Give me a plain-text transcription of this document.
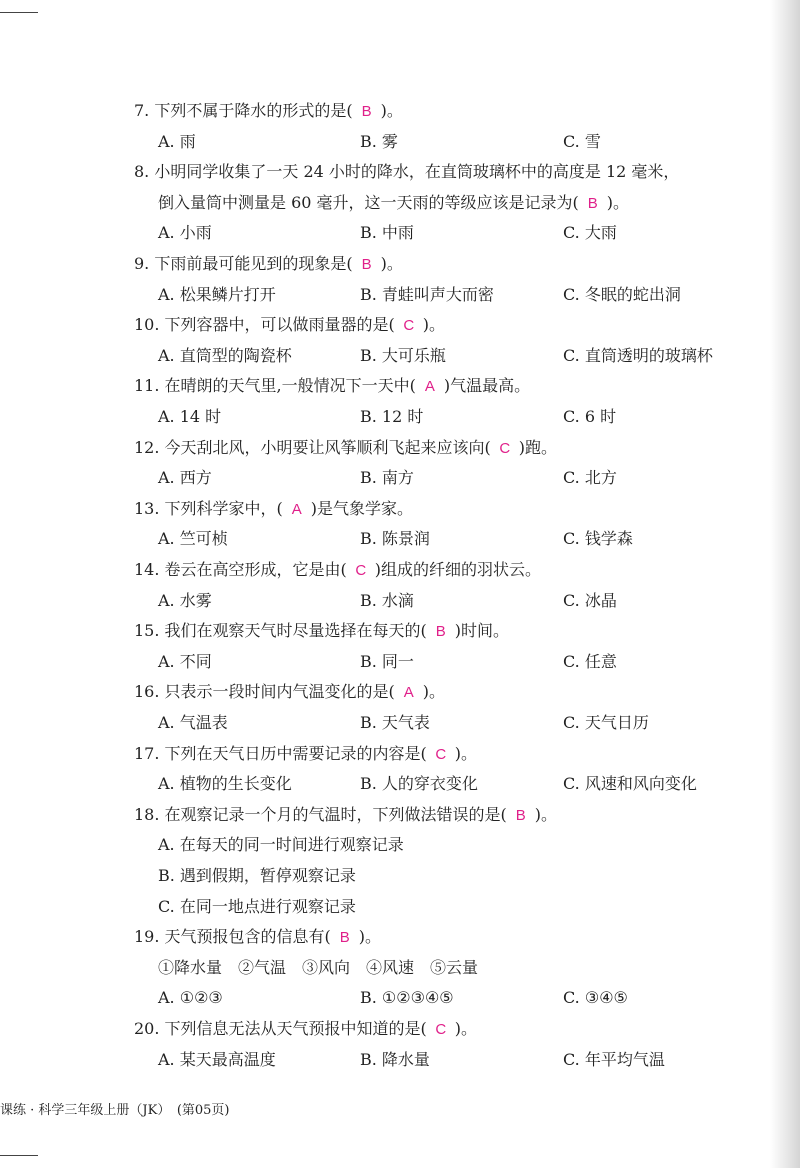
7. 下列不属于降水的形式的是( B )。
A. 雨	B. 雾	C. 雪
8. 小明同学收集了一天 24 小时的降水，在直筒玻璃杯中的高度是 12 毫米，
倒入量筒中测量是 60 毫升，这一天雨的等级应该是记录为( B )。
A. 小雨	B. 中雨	C. 大雨
9. 下雨前最可能见到的现象是( B )。
A. 松果鳞片打开	B. 青蛙叫声大而密	C. 冬眠的蛇出洞
10. 下列容器中，可以做雨量器的是( C )。
A. 直筒型的陶瓷杯	B. 大可乐瓶	C. 直筒透明的玻璃杯
11. 在晴朗的天气里,一般情况下一天中( A )气温最高。
A. 14 时	B. 12 时	C. 6 时
12. 今天刮北风，小明要让风筝顺利飞起来应该向( C )跑。
A. 西方	B. 南方	C. 北方
13. 下列科学家中，( A )是气象学家。
A. 竺可桢	B. 陈景润	C. 钱学森
14. 卷云在高空形成，它是由( C )组成的纤细的羽状云。
A. 水雾	B. 水滴	C. 冰晶
15. 我们在观察天气时尽量选择在每天的( B )时间。
A. 不同	B. 同一	C. 任意
16. 只表示一段时间内气温变化的是( A )。
A. 气温表	B. 天气表	C. 天气日历
17. 下列在天气日历中需要记录的内容是( C )。
A. 植物的生长变化	B. 人的穿衣变化	C. 风速和风向变化
18. 在观察记录一个月的气温时，下列做法错误的是( B )。
A. 在每天的同一时间进行观察记录
B. 遇到假期，暂停观察记录
C. 在同一地点进行观察记录
19. 天气预报包含的信息有( B )。
①降水量　②气温　③风向　④风速　⑤云量
A. ①②③	B. ①②③④⑤	C. ③④⑤
20. 下列信息无法从天气预报中知道的是( C )。
A. 某天最高温度	B. 降水量	C. 年平均气温
课练 · 科学三年级上册（JK）　(第05页)
